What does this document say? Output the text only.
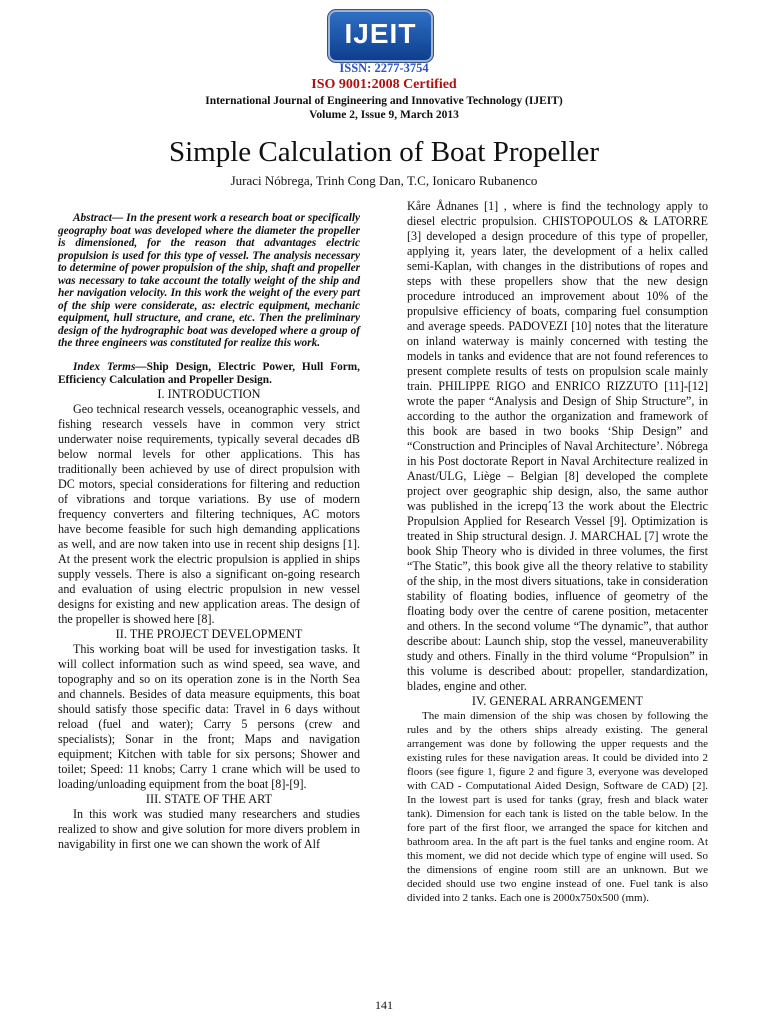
IJEIT
ISSN: 2277-3754
ISO 9001:2008 Certified
International Journal of Engineering and Innovative Technology (IJEIT)
Volume 2, Issue 9, March 2013
Simple Calculation of Boat Propeller
Juraci Nóbrega, Trinh Cong Dan, T.C, Ionicaro Rubanenco

Abstract— In the present work a research boat or specifically geography boat was developed where the diameter the propeller is dimensioned, for the reason that advantages electric propulsion is used for this type of vessel. The analysis necessary to determine of power propulsion of the ship, shaft and propeller was necessary to take account the totally weight of the ship and her navigation velocity. In this work the weight of the every part of the ship were considerate, as: electric equipment, mechanic equipment, hull structure, and crane, etc. Then the preliminary design of the hydrographic boat was developed where a group of the three engineers was constituted for realize this work.

Index Terms—Ship Design, Electric Power, Hull Form, Efficiency Calculation and Propeller Design.

I. INTRODUCTION

Geo technical research vessels, oceanographic vessels, and fishing research vessels have in common very strict underwater noise requirements, typically several decades dB below normal levels for other applications. This has traditionally been achieved by use of direct propulsion with DC motors, special considerations for filtering and reduction of vibrations and torque variations. By use of modern frequency converters and filtering techniques, AC motors have become feasible for such high demanding applications as well, and are now taken into use in recent ship designs [1]. At the present work the electric propulsion is applied in ships supply vessels. There is also a significant on-going research and evaluation of using electric propulsion in new vessel designs for existing and new application areas. The design of the propeller is showed here [8].

II. THE PROJECT DEVELOPMENT

This working boat will be used for investigation tasks. It will collect information such as wind speed, sea wave, and topography and so on its operation zone is in the North Sea and channels. Besides of data measure equipments, this boat should satisfy those specific data: Travel in 6 days without reload (fuel and water); Carry 5 persons (crew and specialists); Sonar in the front; Maps and navigation equipment; Kitchen with table for six persons; Shower and toilet; Speed: 11 knobs; Carry 1 crane which will be used to loading/unloading equipment from the boat [8]-[9].

III. STATE OF THE ART

In this work was studied many researchers and studies realized to show and give solution for more divers problem in navigability in first one we can shown the work of Alf

Kåre Ådnanes [1] , where is find the technology apply to diesel electric propulsion. CHISTOPOULOS & LATORRE [3] developed a design procedure of this type of propeller, applying it, years later, the development of a helix called semi-Kaplan, with changes in the distributions of ropes and steps with these propellers show that the new design procedure introduced an improvement about 10% of the propulsive efficiency of boats, comparing fuel consumption and average speeds. PADOVEZI [10] notes that the literature on inland waterway is mainly concerned with testing the models in tanks and evidence that are not found references to present complete results of tests on propulsion scale mainly train. PHILIPPE RIGO and ENRICO RIZZUTO [11]-[12] wrote the paper “Analysis and Design of Ship Structure”, in according to the author the organization and framework of this book are based in two books ‘Ship Design” and “Construction and Principles of Naval Architecture’. Nóbrega in his Post doctorate Report in Naval Architecture realized in Anast/ULG, Liège – Belgian [8] developed the complete project over geographic ship design, also, the same author was published in the icrepq´13 the work about the Electric Propulsion Applied for Research Vessel [9]. Optimization is treated in Ship structural design. J. MARCHAL [7] wrote the book Ship Theory who is divided in three volumes, the first “The Static”, this book give all the theory relative to stability of the ship, in the most divers situations, take in consideration stability of floating bodies, influence of geometry of the floating body over the centre of carene position, metacenter and others. In the second volume “The dynamic”, that author describe about: Launch ship, stop the vessel, maneuverability study and others. Finally in the third volume “Propulsion” in this volume is described about: propeller, standardization, blades, engine and other.

IV. GENERAL ARRANGEMENT

The main dimension of the ship was chosen by following the rules and by the others ships already existing. The general arrangement was done by following the upper requests and the existing rules for these navigation areas. It could be divided into 2 floors (see figure 1, figure 2 and figure 3, everyone was developed with CAD - Computational Aided Design, Software de CAD) [2]. In the lowest part is used for tanks (gray, fresh and black water tank). Dimension for each tank is listed on the table below. In the fore part of the first floor, we arranged the space for kitchen and bathroom area. In the aft part is the fuel tanks and engine room. At this moment, we did not decide which type of engine will used. So the dimensions of engine room still are an unknown. But we decided should use two engine instead of one. Fuel tank is also divided into 2 tanks. Each one is 2000x750x500 (mm).

141
